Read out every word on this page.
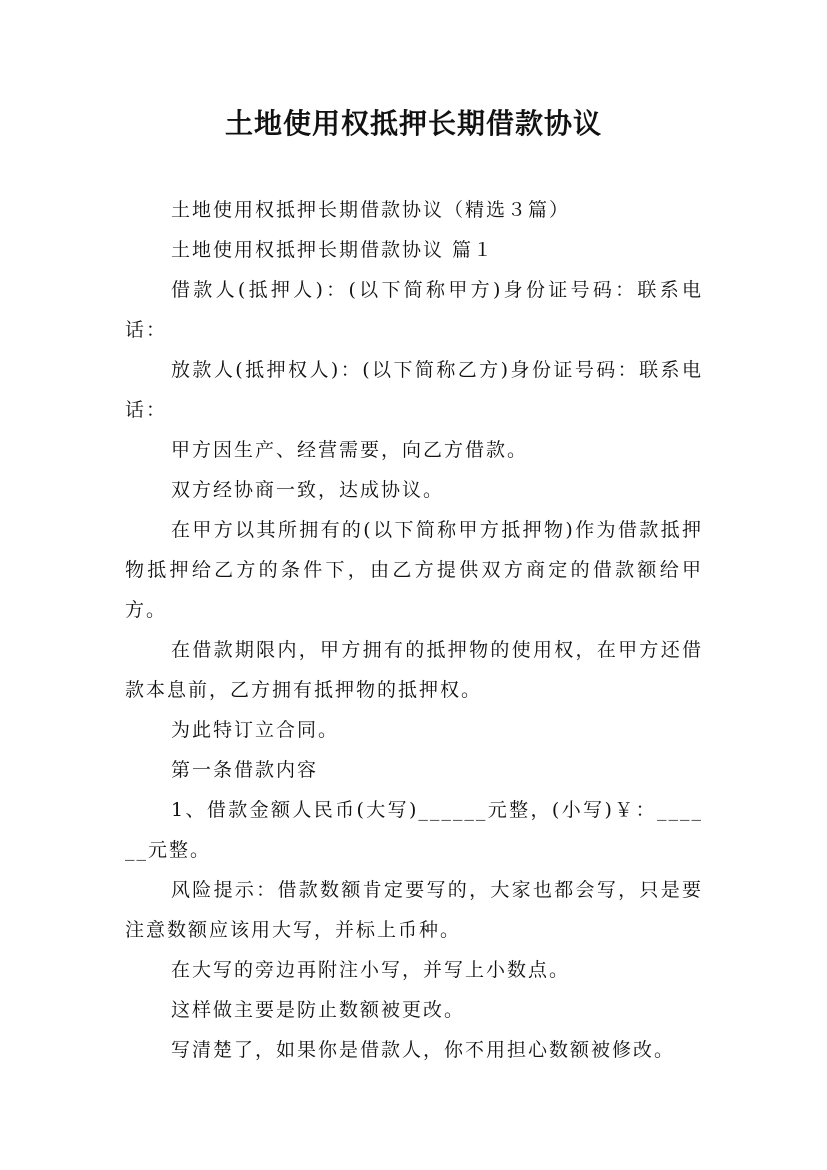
土地使用权抵押长期借款协议

土地使用权抵押长期借款协议（精选３篇）

土地使用权抵押长期借款协议 篇１

借款人(抵押人)：(以下简称甲方)身份证号码：联系电话：

放款人(抵押权人)：(以下简称乙方)身份证号码：联系电话：

甲方因生产、经营需要，向乙方借款。

双方经协商一致，达成协议。

在甲方以其所拥有的(以下简称甲方抵押物)作为借款抵押物抵押给乙方的条件下，由乙方提供双方商定的借款额给甲方。

在借款期限内，甲方拥有的抵押物的使用权，在甲方还借款本息前，乙方拥有抵押物的抵押权。

为此特订立合同。

第一条借款内容

1、借款金额人民币(大写)______元整，(小写)￥：______元整。

风险提示：借款数额肯定要写的，大家也都会写，只是要注意数额应该用大写，并标上币种。

在大写的旁边再附注小写，并写上小数点。

这样做主要是防止数额被更改。

写清楚了，如果你是借款人，你不用担心数额被修改。
